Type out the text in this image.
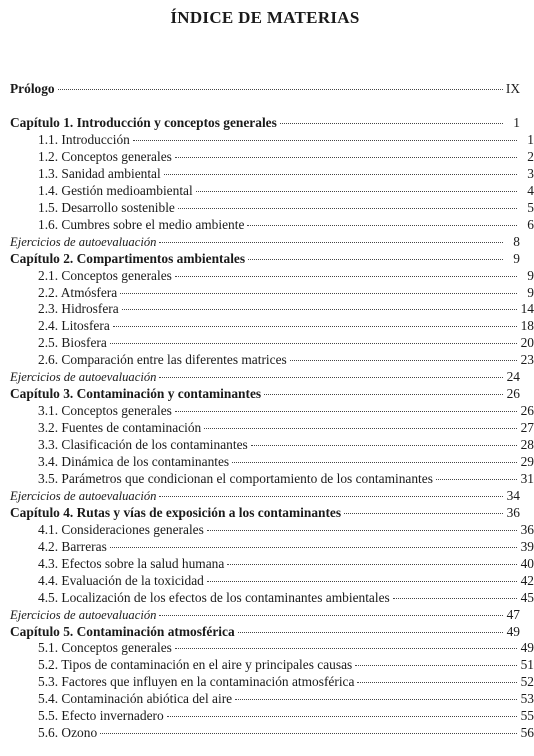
ÍNDICE DE MATERIAS
Prólogo	IX
Capítulo 1. Introducción y conceptos generales	1
1.1. Introducción	1
1.2. Conceptos generales	2
1.3. Sanidad ambiental	3
1.4. Gestión medioambiental	4
1.5. Desarrollo sostenible	5
1.6. Cumbres sobre el medio ambiente	6
Ejercicios de autoevaluación	8
Capítulo 2. Compartimentos ambientales	9
2.1. Conceptos generales	9
2.2. Atmósfera	9
2.3. Hidrosfera	14
2.4. Litosfera	18
2.5. Biosfera	20
2.6. Comparación entre las diferentes matrices	23
Ejercicios de autoevaluación	24
Capítulo 3. Contaminación y contaminantes	26
3.1. Conceptos generales	26
3.2. Fuentes de contaminación	27
3.3. Clasificación de los contaminantes	28
3.4. Dinámica de los contaminantes	29
3.5. Parámetros que condicionan el comportamiento de los contaminantes	31
Ejercicios de autoevaluación	34
Capítulo 4. Rutas y vías de exposición a los contaminantes	36
4.1. Consideraciones generales	36
4.2. Barreras	39
4.3. Efectos sobre la salud humana	40
4.4. Evaluación de la toxicidad	42
4.5. Localización de los efectos de los contaminantes ambientales	45
Ejercicios de autoevaluación	47
Capítulo 5. Contaminación atmosférica	49
5.1. Conceptos generales	49
5.2. Tipos de contaminación en el aire y principales causas	51
5.3. Factores que influyen en la contaminación atmosférica	52
5.4. Contaminación abiótica del aire	53
5.5. Efecto invernadero	55
5.6. Ozono	56
